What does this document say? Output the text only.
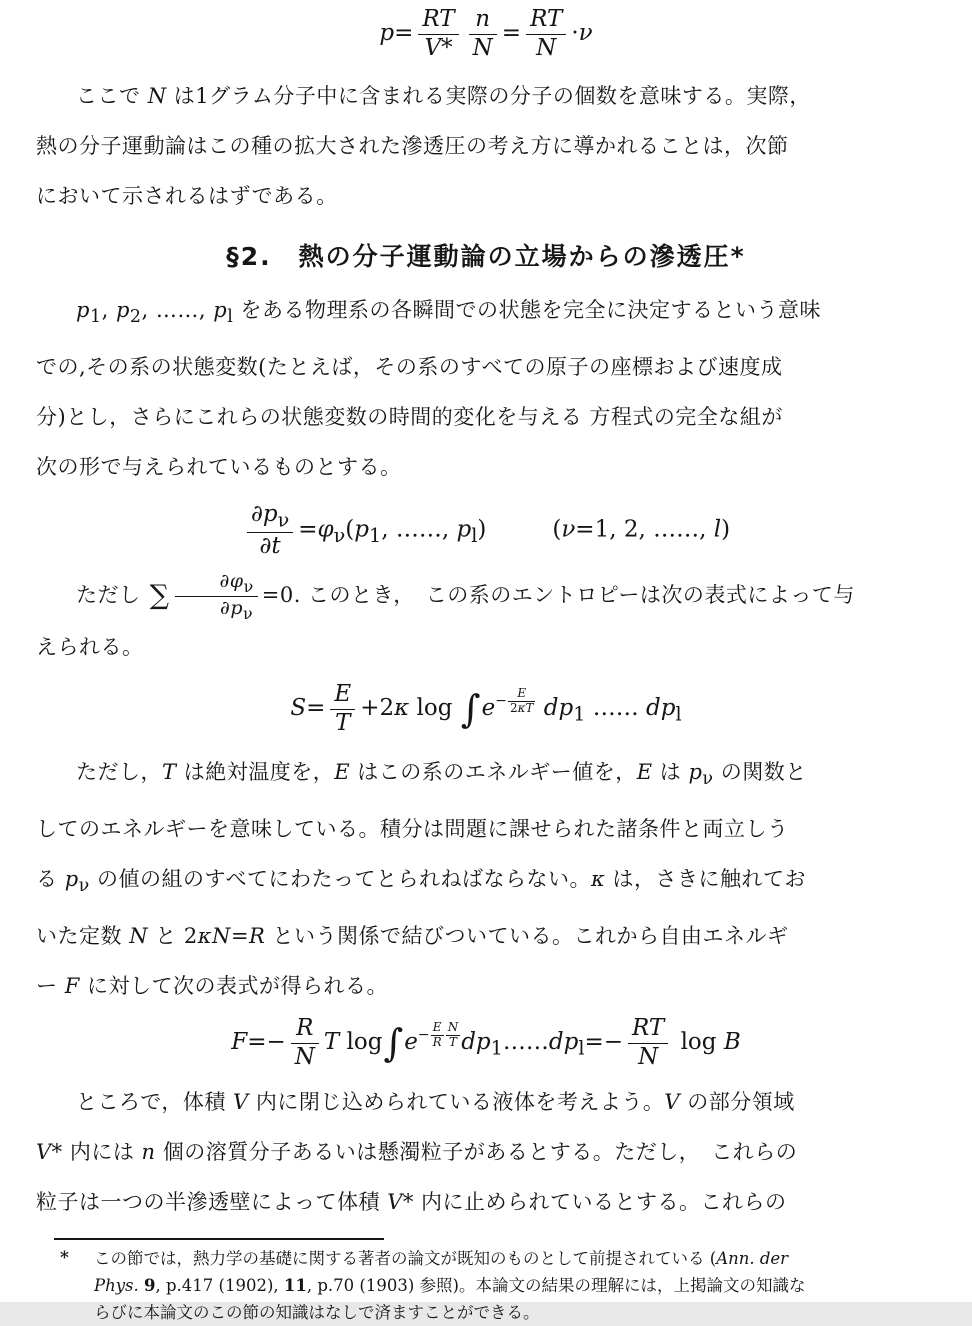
$p= \frac{RT}{V*} \frac{n}{N} = \frac{RT}{N} \cdot\nu$
ここで N は1グラム分子中に含まれる実際の分子の個数を意味する。実際，
熱の分子運動論はこの種の拡大された滲透圧の考え方に導かれることは，次節
において示されるはずである。
§2.　熱の分子運動論の立場からの滲透圧*
$p_1$, $p_2$, ……, $p_l$ をある物理系の各瞬間での状態を完全に決定するという意味
での,その系の状態変数(たとえば，その系のすべての原子の座標および速度成
分)とし，さらにこれらの状態変数の時間的変化を与える 方程式の完全な組が
次の形で与えられているものとする。
$\frac{\partial p_\nu}{\partial t} =\varphi_\nu(p_1$, ……, $p_l$)	(ν=1, 2, ……, l)
ただし ∑ $\frac{\partial\varphi_\nu}{\partial p_\nu} =0$. このとき，　この系のエントロピーは次の表式によって与
えられる。
$S= \frac{E}{T} +2\kappa$ $\log \int e^{- \frac{E}{2\kappa T}}$ $dp_1$ …… $dp_l$
ただし，T は絶対温度を，E はこの系のエネルギー値を，E は $p_\nu$ の関数と
してのエネルギーを意味している。積分は問題に課せられた諸条件と両立しう
る $p_\nu$ の値の組のすべてにわたってとられねばならない。κ は，さきに触れてお
いた定数 N と 2κN=R という関係で結びついている。これから自由エネルギ
ー F に対して次の表式が得られる。
$F=- \frac{R}{N}$ T $\log\int e^{- \frac{E}{R} \frac{N}{T}}$ $dp_1\dots\dots dp_l=- \frac{RT}{N}$ log B
ところで，体積 V 内に閉じ込められている液体を考えよう。V の部分領域
V* 内には n 個の溶質分子あるいは懸濁粒子があるとする。ただし，　これらの
粒子は一つの半滲透壁によって体積 V* 内に止められているとする。これらの
*	この節では，熱力学の基礎に関する著者の論文が既知のものとして前提されている (Ann. der
Phys. 9, p.417 (1902), 11, p.70 (1903) 参照)。本論文の結果の理解には，上掲論文の知識な
らびに本論文のこの節の知識はなしで済ますことができる。
